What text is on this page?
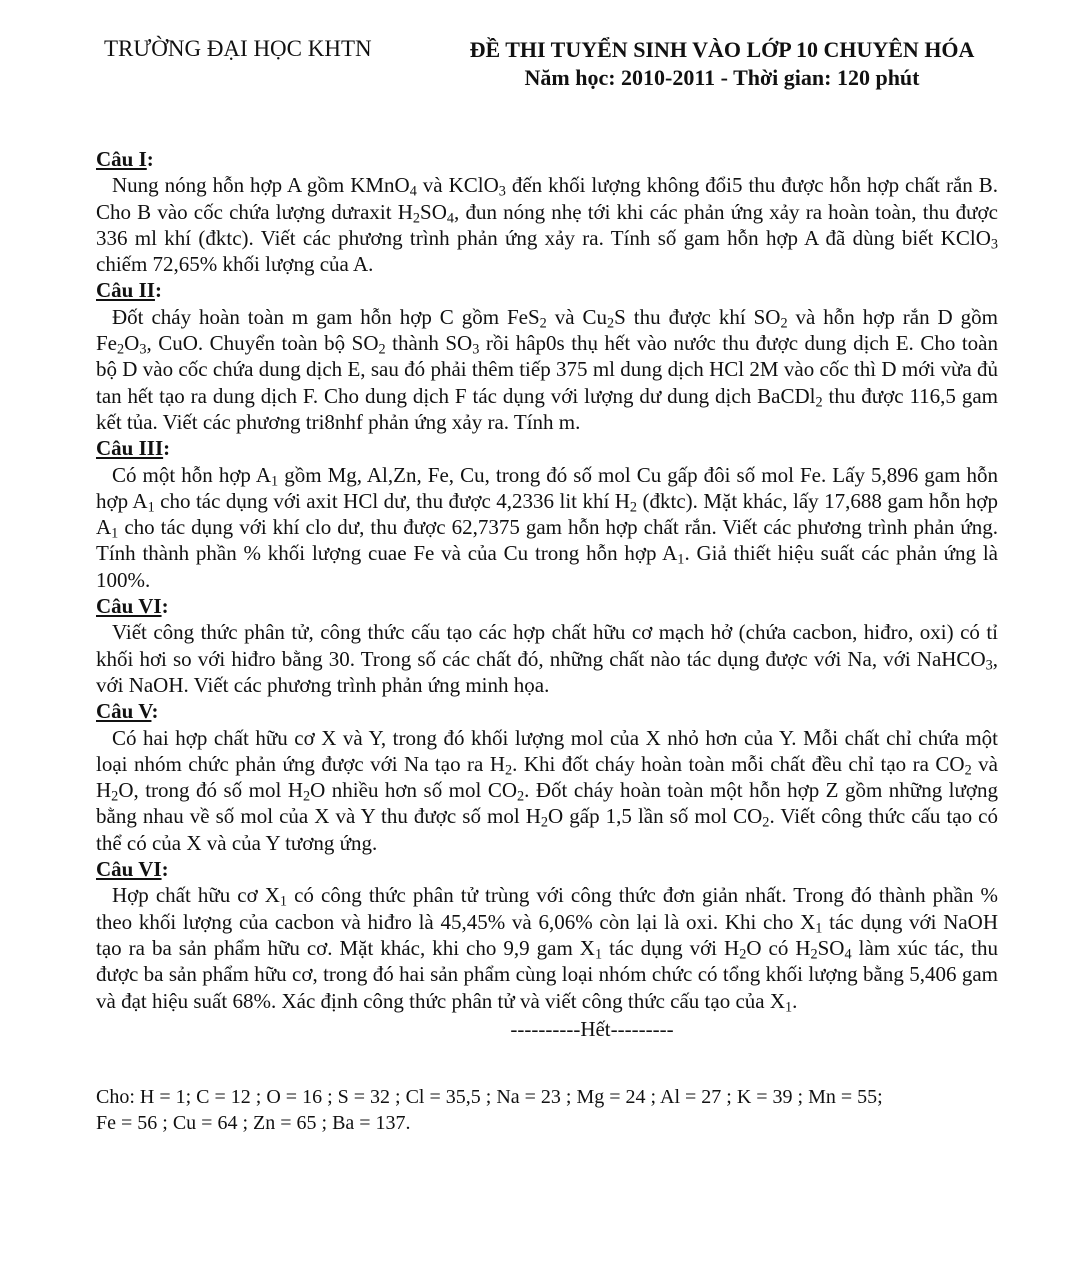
TRƯỜNG ĐẠI HỌC KHTN	ĐỀ THI TUYỂN SINH VÀO LỚP 10 CHUYÊN HÓA
Năm học: 2010-2011 - Thời gian: 120 phút
Câu I:
Nung nóng hỗn hợp A gồm KMnO$_4$ và KClO$_3$ đến khối lượng không đổi5 thu được hỗn hợp chất rắn B. Cho B vào cốc chứa lượng dưraxit $H_2SO_4$, đun nóng nhẹ tới khi các phản ứng xảy ra hoàn toàn, thu được 336 ml khí (đktc). Viết các phương trình phản ứng xảy ra. Tính số gam hỗn hợp A đã dùng biết KClO$_3$ chiếm 72,65% khối lượng của A.
Câu II:
Đốt cháy hoàn toàn m gam hỗn hợp C gồm FeS$_2$ và $Cu_2S$ thu được khí $SO_2$ và hỗn hợp rắn D gồm $Fe_2O_3$, CuO. Chuyển toàn bộ $SO_2$ thành $SO_3$ rồi hâp0s thụ hết vào nước thu được dung dịch E. Cho toàn bộ D vào cốc chứa dung dịch E, sau đó phải thêm tiếp 375 ml dung dịch HCl 2M vào cốc thì D mới vừa đủ tan hết tạo ra dung dịch F. Cho dung dịch F tác dụng với lượng dư dung dịch BaCDl$_2$ thu được 116,5 gam kết tủa. Viết các phương tri8nhf phản ứng xảy ra. Tính m.
Câu III:
Có một hỗn hợp $A_1$ gồm Mg, Al,Zn, Fe, Cu, trong đó số mol Cu gấp đôi số mol Fe. Lấy 5,896 gam hỗn hợp $A_1$ cho tác dụng với axit HCl dư, thu được 4,2336 lit khí $H_2$ (đktc). Mặt khác, lấy 17,688 gam hỗn hợp $A_1$ cho tác dụng với khí clo dư, thu được 62,7375 gam hỗn hợp chất rắn. Viết các phương trình phản ứng. Tính thành phần % khối lượng cuae Fe và của Cu trong hỗn hợp $A_1$. Giả thiết hiệu suất các phản ứng là 100%.
Câu VI:
Viết công thức phân tử, công thức cấu tạo các hợp chất hữu cơ mạch hở (chứa cacbon, hiđro, oxi) có tỉ khối hơi so với hiđro bằng 30. Trong số các chất đó, những chất nào tác dụng được với Na, với NaHCO$_3$, với NaOH. Viết các phương trình phản ứng minh họa.
Câu V:
Có hai hợp chất hữu cơ X và Y, trong đó khối lượng mol của X nhỏ hơn của Y. Mỗi chất chỉ chứa một loại nhóm chức phản ứng được với Na tạo ra $H_2$. Khi đốt cháy hoàn toàn mỗi chất đều chỉ tạo ra $CO_2$ và $H_2O$, trong đó số mol $H_2O$ nhiều hơn số mol $CO_2$. Đốt cháy hoàn toàn một hỗn hợp Z gồm những lượng bằng nhau về số mol của X và Y thu được số mol $H_2O$ gấp 1,5 lần số mol $CO_2$. Viết công thức cấu tạo có thể có của X và của Y tương ứng.
Câu VI:
Hợp chất hữu cơ $X_1$ có công thức phân tử trùng với công thức đơn giản nhất. Trong đó thành phần % theo khối lượng của cacbon và hiđro là 45,45% và 6,06% còn lại là oxi. Khi cho $X_1$ tác dụng với NaOH tạo ra ba sản phẩm hữu cơ. Mặt khác, khi cho 9,9 gam $X_1$ tác dụng với $H_2O$ có $H_2SO_4$ làm xúc tác, thu được ba sản phẩm hữu cơ, trong đó hai sản phẩm cùng loại nhóm chức có tổng khối lượng bằng 5,406 gam và đạt hiệu suất 68%. Xác định công thức phân tử và viết công thức cấu tạo của $X_1$.
----------Hết---------
Cho: H = 1; C = 12 ; O = 16 ; S = 32 ; Cl = 35,5 ; Na = 23 ; Mg = 24 ; Al = 27 ; K = 39 ; Mn = 55;
Fe = 56 ; Cu = 64 ; Zn = 65 ; Ba = 137.
